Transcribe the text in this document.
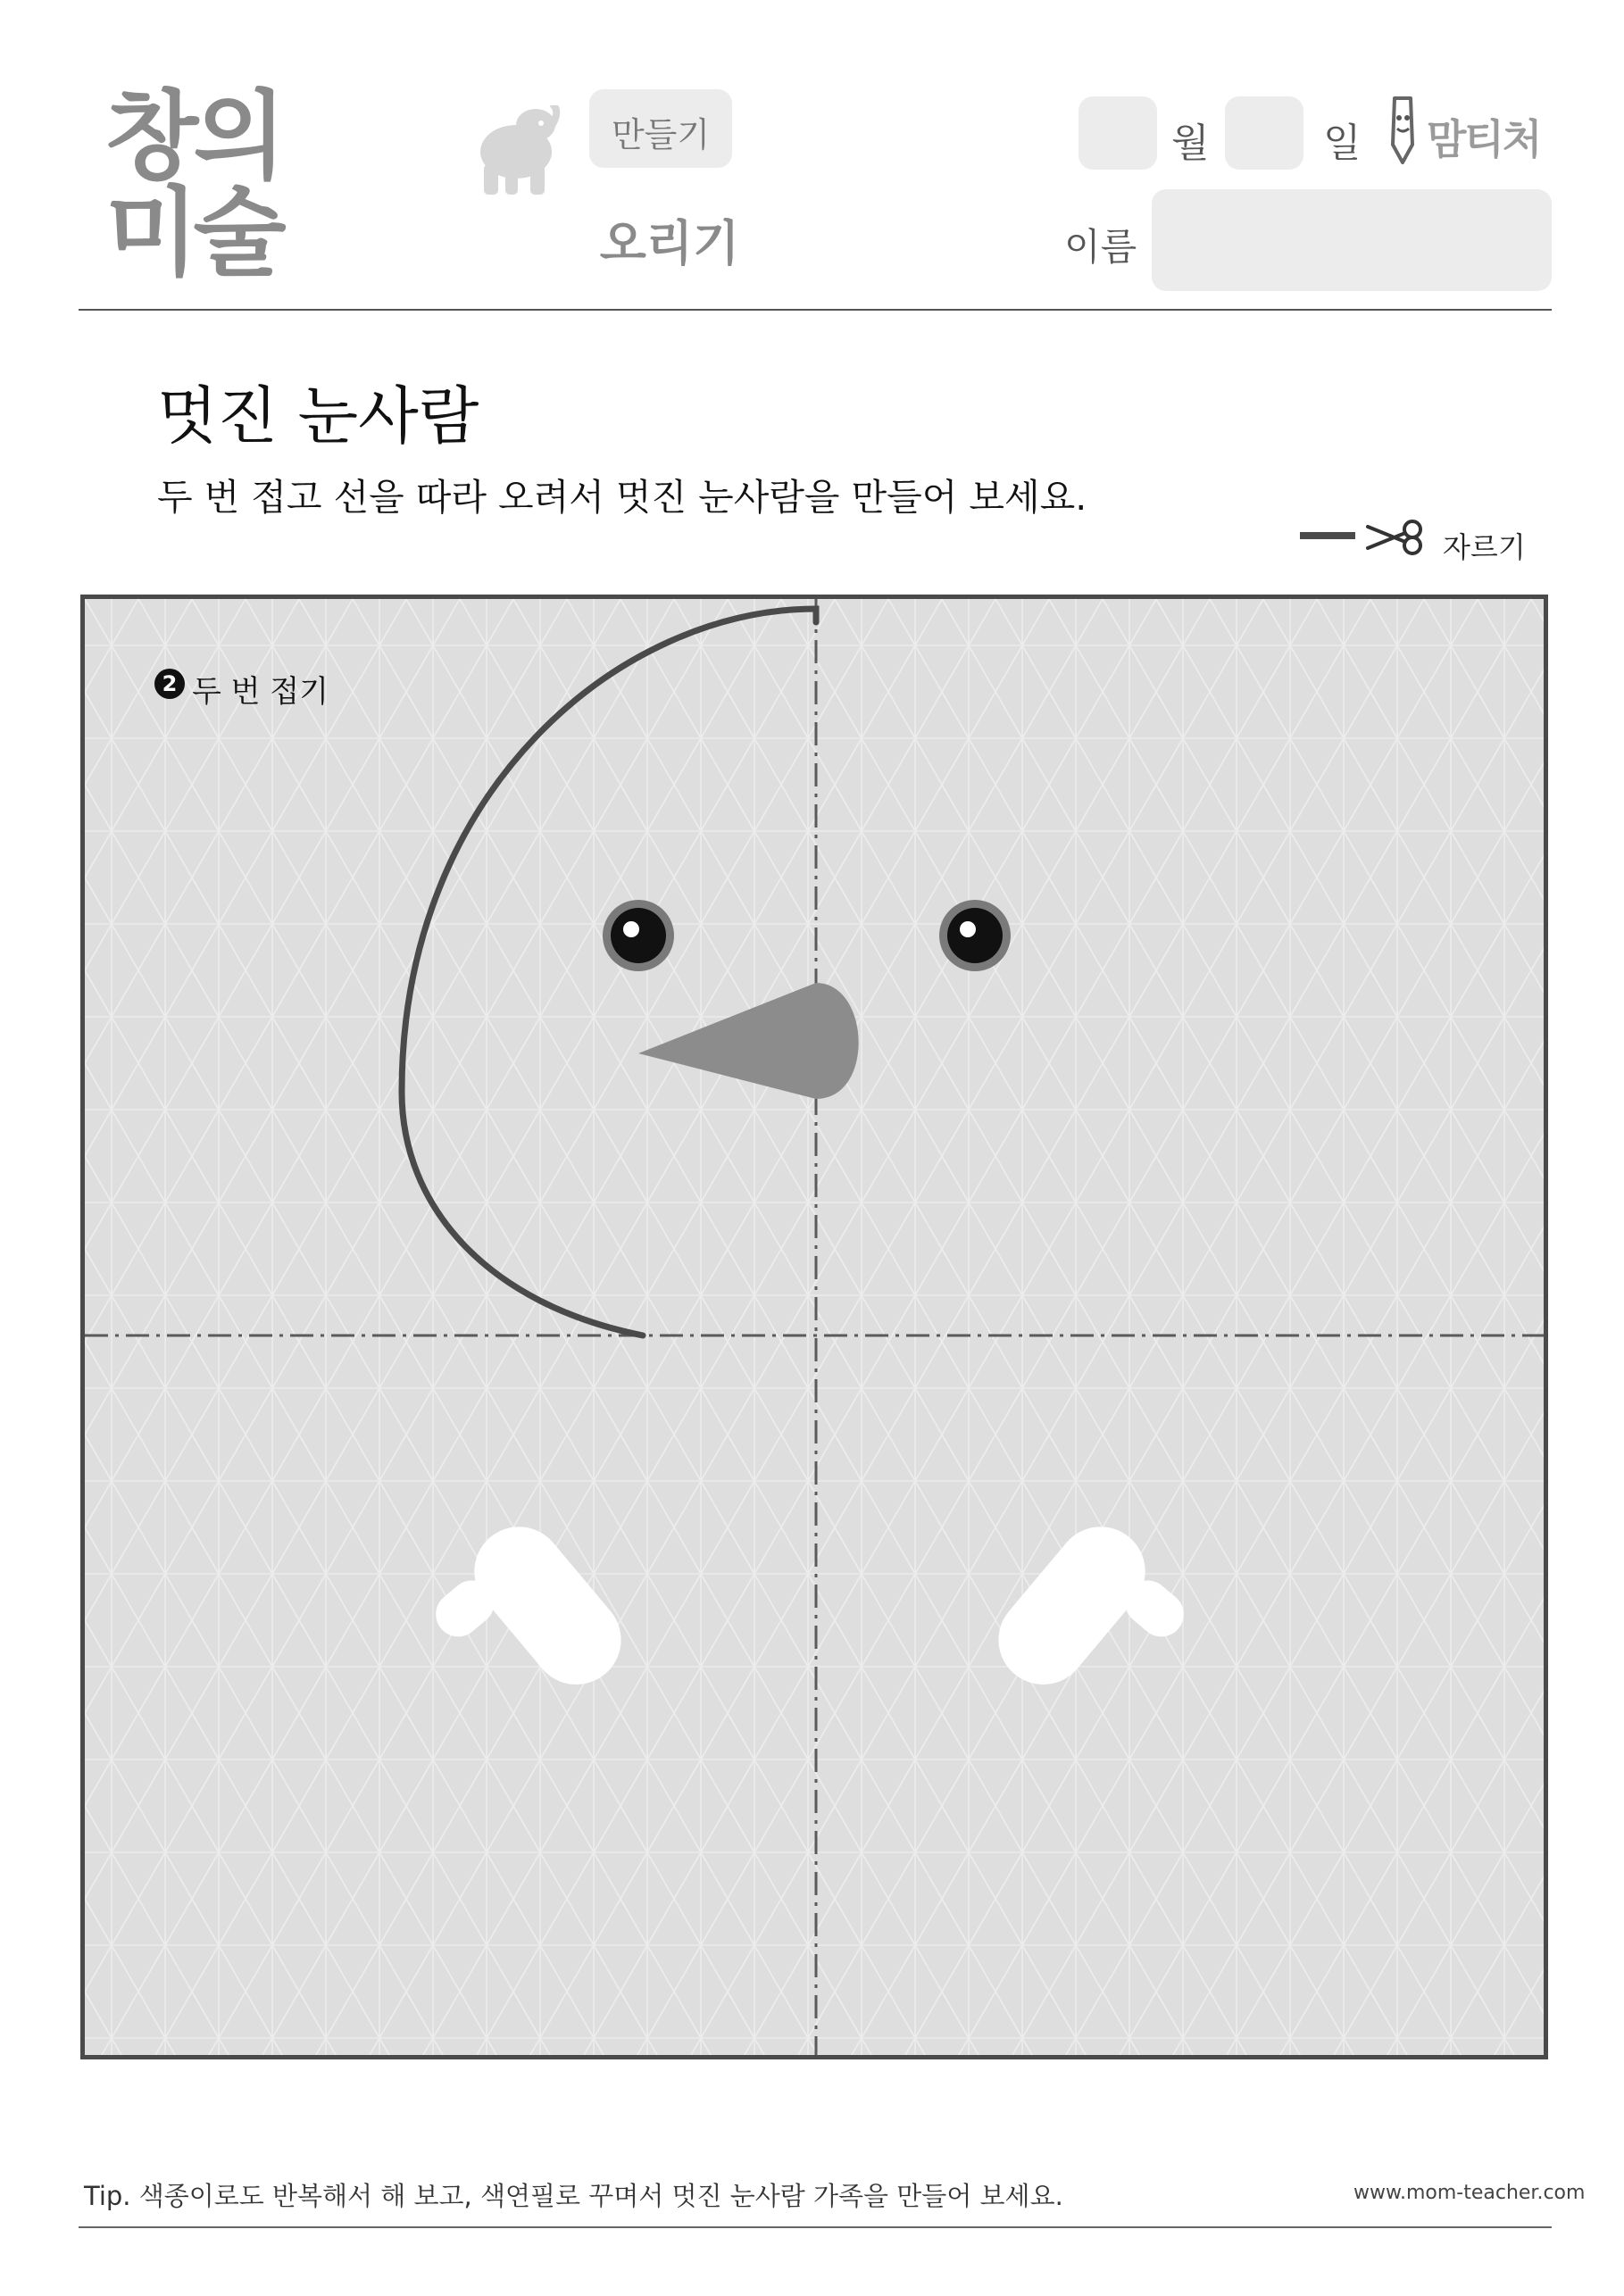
창의
미술
만들기
오리기
월	일 맘티처
이름
멋진 눈사람
두 번 접고 선을 따라 오려서 멋진 눈사람을 만들어 보세요.
자르기
2 두 번 접기
Tip. 색종이로도 반복해서 해 보고, 색연필로 꾸며서 멋진 눈사람 가족을 만들어 보세요.	www.mom-teacher.com
